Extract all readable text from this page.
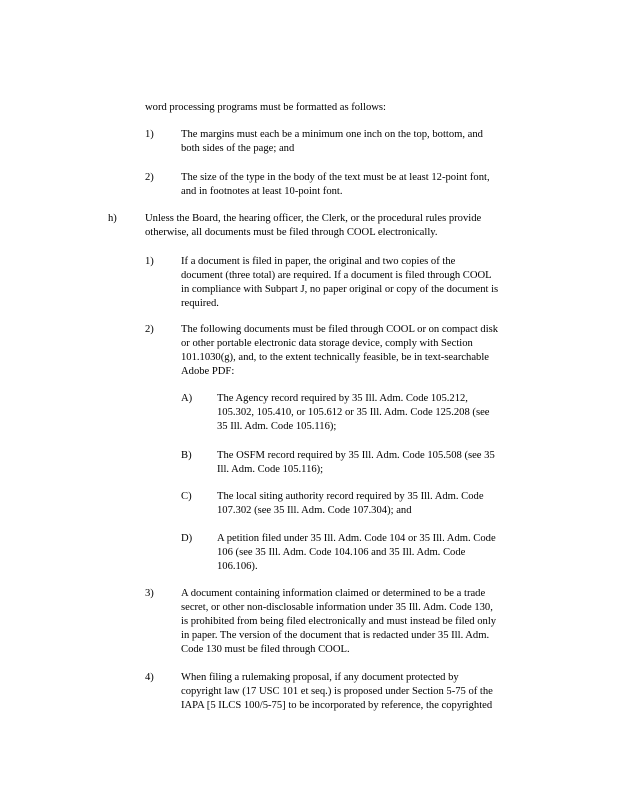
word processing programs must be formatted as follows:
1)	The margins must each be a minimum one inch on the top, bottom, and
both sides of the page; and
2)	The size of the type in the body of the text must be at least 12-point font,
and in footnotes at least 10-point font.
h)	Unless the Board, the hearing officer, the Clerk, or the procedural rules provide
otherwise, all documents must be filed through COOL electronically.
1)	If a document is filed in paper, the original and two copies of the
document (three total) are required. If a document is filed through COOL
in compliance with Subpart J, no paper original or copy of the document is
required.
2)	The following documents must be filed through COOL or on compact disk
or other portable electronic data storage device, comply with Section
101.1030(g), and, to the extent technically feasible, be in text-searchable
Adobe PDF:
A) The Agency record required by 35 Ill. Adm. Code 105.212,
105.302, 105.410, or 105.612 or 35 Ill. Adm. Code 125.208 (see
35 Ill. Adm. Code 105.116);
B) The OSFM record required by 35 Ill. Adm. Code 105.508 (see 35
Ill. Adm. Code 105.116);
C) The local siting authority record required by 35 Ill. Adm. Code
107.302 (see 35 Ill. Adm. Code 107.304); and
D) A petition filed under 35 Ill. Adm. Code 104 or 35 Ill. Adm. Code
106 (see 35 Ill. Adm. Code 104.106 and 35 Ill. Adm. Code
106.106).
3)	A document containing information claimed or determined to be a trade
secret, or other non-disclosable information under 35 Ill. Adm. Code 130,
is prohibited from being filed electronically and must instead be filed only
in paper. The version of the document that is redacted under 35 Ill. Adm.
Code 130 must be filed through COOL.
4)	When filing a rulemaking proposal, if any document protected by
copyright law (17 USC 101 et seq.) is proposed under Section 5-75 of the
IAPA [5 ILCS 100/5-75] to be incorporated by reference, the copyrighted
